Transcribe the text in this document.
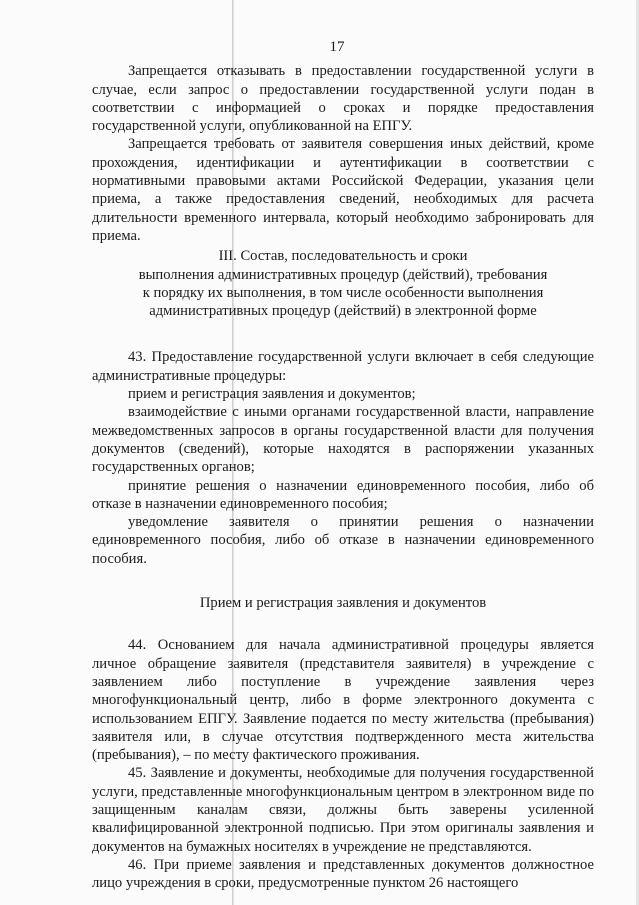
17

Запрещается отказывать в предоставлении государственной услуги в случае, если запрос о предоставлении государственной услуги подан в соответствии с информацией о сроках и порядке предоставления государственной услуги, опубликованной на ЕПГУ.

Запрещается требовать от заявителя совершения иных действий, кроме прохождения, идентификации и аутентификации в соответствии с нормативными правовыми актами Российской Федерации, указания цели приема, а также предоставления сведений, необходимых для расчета длительности временного интервала, который необходимо забронировать для приема.

III. Состав, последовательность и сроки

выполнения административных процедур (действий), требования

к порядку их выполнения, в том числе особенности выполнения

административных процедур (действий) в электронной форме

43. Предоставление государственной услуги включает в себя следующие административные процедуры:

прием и регистрация заявления и документов;

взаимодействие с иными органами государственной власти, направление межведомственных запросов в органы государственной власти для получения документов (сведений), которые находятся в распоряжении указанных государственных органов;

принятие решения о назначении единовременного пособия, либо об отказе в назначении единовременного пособия;

уведомление заявителя о принятии решения о назначении единовременного пособия, либо об отказе в назначении единовременного пособия.

Прием и регистрация заявления и документов

44. Основанием для начала административной процедуры является личное обращение заявителя (представителя заявителя) в учреждение с заявлением либо поступление в учреждение заявления через многофункциональный центр, либо в форме электронного документа с использованием ЕПГУ. Заявление подается по месту жительства (пребывания) заявителя или, в случае отсутствия подтвержденного места жительства (пребывания), – по месту фактического проживания.

45. Заявление и документы, необходимые для получения государственной услуги, представленные многофункциональным центром в электронном виде по защищенным каналам связи, должны быть заверены усиленной квалифицированной электронной подписью. При этом оригиналы заявления и документов на бумажных носителях в учреждение не представляются.

46. При приеме заявления и представленных документов должностное лицо учреждения в сроки, предусмотренные пунктом 26 настоящего
